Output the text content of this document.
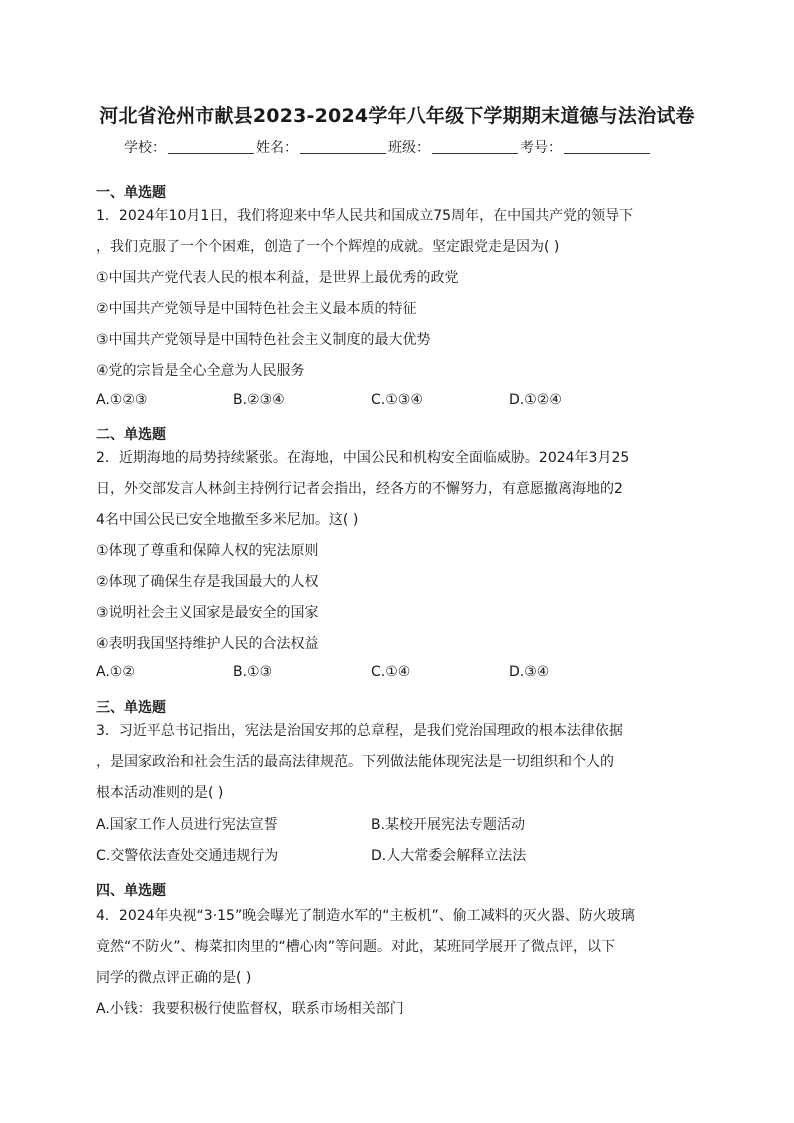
河北省沧州市献县2023-2024学年八年级下学期期末道德与法治试卷
学校：	姓名：	班级：	考号：
一、单选题
1．2024年10月1日，我们将迎来中华人民共和国成立75周年，在中国共产党的领导下
，我们克服了一个个困难，创造了一个个辉煌的成就。坚定跟党走是因为( )
①中国共产党代表人民的根本利益，是世界上最优秀的政党
②中国共产党领导是中国特色社会主义最本质的特征
③中国共产党领导是中国特色社会主义制度的最大优势
④党的宗旨是全心全意为人民服务
A.①②③	B.②③④	C.①③④	D.①②④
二、单选题
2．近期海地的局势持续紧张。在海地，中国公民和机构安全面临威胁。2024年3月25
日，外交部发言人林剑主持例行记者会指出，经各方的不懈努力，有意愿撤离海地的2
4名中国公民已安全地撤至多米尼加。这( )
①体现了尊重和保障人权的宪法原则
②体现了确保生存是我国最大的人权
③说明社会主义国家是最安全的国家
④表明我国坚持维护人民的合法权益
A.①②	B.①③	C.①④	D.③④
三、单选题
3．习近平总书记指出，宪法是治国安邦的总章程，是我们党治国理政的根本法律依据
，是国家政治和社会生活的最高法律规范。下列做法能体现宪法是一切组织和个人的
根本活动准则的是( )
A.国家工作人员进行宪法宣誓	B.某校开展宪法专题活动
C.交警依法查处交通违规行为	D.人大常委会解释立法法
四、单选题
4．2024年央视“3·15”晚会曝光了制造水军的“主板机”、偷工减料的灭火器、防火玻璃
竟然“不防火”、梅菜扣肉里的“槽心肉”等问题。对此，某班同学展开了微点评，以下
同学的微点评正确的是( )
A.小钱：我要积极行使监督权，联系市场相关部门
